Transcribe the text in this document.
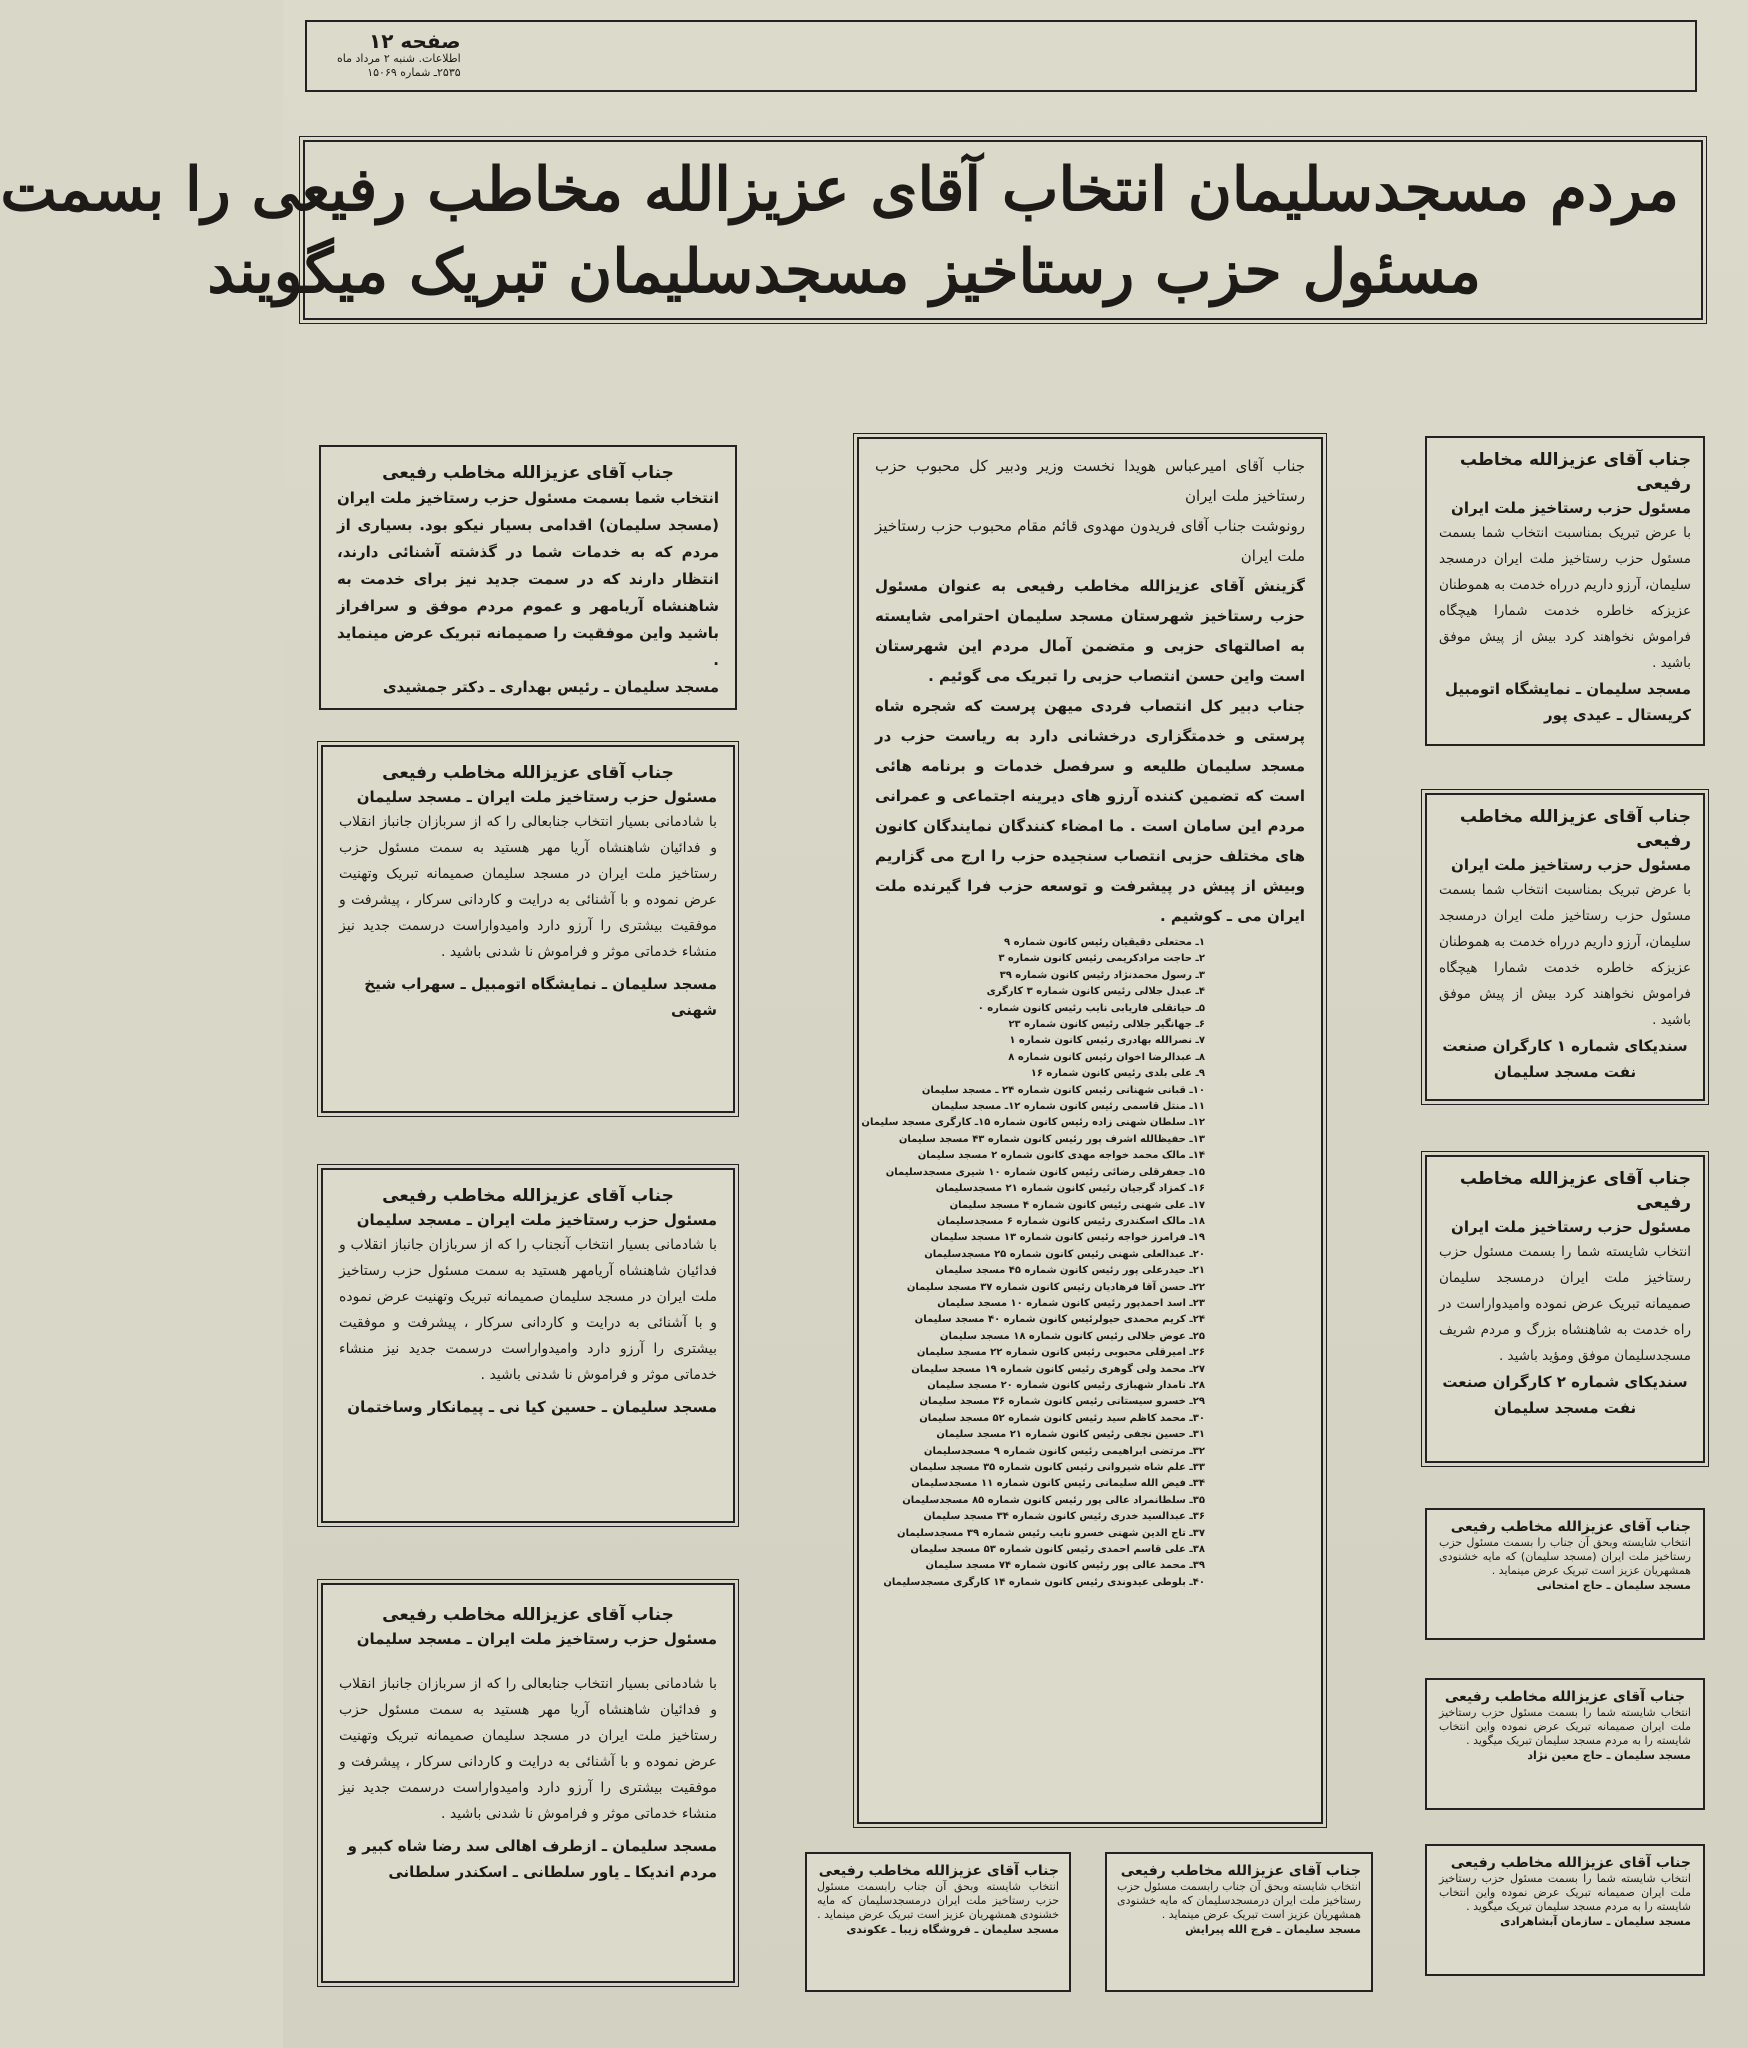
صفحه ۱۲
اطلاعات. شنبه ۲ مرداد ماه
۲۵۳۵ـ شماره ۱۵۰۶۹
مردم مسجدسلیمان انتخاب آقای عزیزالله مخاطب رفیعی را بسمت
مسئول حزب رستاخیز مسجدسلیمان تبریک میگویند
جناب آقای عزیزالله مخاطب رفیعی
انتخاب شما بسمت مسئول حزب رستاخیز ملت ایران (مسجد سلیمان) اقدامی بسیار نیکو بود. بسیاری از مردم که به خدمات شما در گذشته آشنائی دارند، انتظار دارند که در سمت جدید نیز برای خدمت به شاهنشاه آریامهر و عموم مردم موفق و سرافراز باشید واین موفقیت را صمیمانه تبریک عرض مینماید .
مسجد سلیمان ـ رئیس بهداری ـ دکتر جمشیدی
جناب آقای عزیزالله مخاطب رفیعی
مسئول حزب رستاخیز ملت ایران ـ مسجد سلیمان
با شادمانی بسیار انتخاب جنابعالی را که از سربازان جانباز انقلاب و فدائیان شاهنشاه آریا مهر هستید به سمت مسئول حزب رستاخیز ملت ایران در مسجد سلیمان صمیمانه تبریک وتهنیت عرض نموده و با آشنائی به درایت و کاردانی سرکار ، پیشرفت و موفقیت بیشتری را آرزو دارد وامیدواراست درسمت جدید نیز منشاء خدماتی موثر و فراموش نا شدنی باشید .
مسجد سلیمان ـ نمایشگاه اتومبیل ـ سهراب شیخ شهنی
جناب آقای عزیزالله مخاطب رفیعی
مسئول حزب رستاخیز ملت ایران ـ مسجد سلیمان
با شادمانی بسیار انتخاب آنجناب را که از سربازان جانباز انقلاب و فدائیان شاهنشاه آریامهر هستید به سمت مسئول حزب رستاخیز ملت ایران در مسجد سلیمان صمیمانه تبریک وتهنیت عرض نموده و با آشنائی به درایت و کاردانی سرکار ، پیشرفت و موفقیت بیشتری را آرزو دارد وامیدواراست درسمت جدید نیز منشاء خدماتی موثر و فراموش نا شدنی باشید .
مسجد سلیمان ـ حسین کیا نی ـ پیمانکار وساختمان
جناب آقای عزیزالله مخاطب رفیعی
مسئول حزب رستاخیز ملت ایران ـ مسجد سلیمان
با شادمانی بسیار انتخاب جنابعالی را که از سربازان جانباز انقلاب و فدائیان شاهنشاه آریا مهر هستید به سمت مسئول حزب رستاخیز ملت ایران در مسجد سلیمان صمیمانه تبریک وتهنیت عرض نموده و با آشنائی به درایت و کاردانی سرکار ، پیشرفت و موفقیت بیشتری را آرزو دارد وامیدواراست درسمت جدید نیز منشاء خدماتی موثر و فراموش نا شدنی باشید .
مسجد سلیمان ـ ازطرف اهالی سد رضا شاه کبیر و مردم اندیکا ـ یاور سلطانی ـ اسکندر سلطانی
جناب آقای امیرعباس هویدا نخست وزیر ودبیر کل محبوب حزب رستاخیز ملت ایران
رونوشت جناب آقای فریدون مهدوی قائم مقام محبوب حزب رستاخیز ملت ایران
گزینش آقای عزیزالله مخاطب رفیعی به عنوان مسئول حزب رستاخیز شهرستان مسجد سلیمان احترامی شایسته به اصالتهای حزبی و متضمن آمال مردم این شهرستان است واین حسن انتصاب حزبی را تبریک می گوئیم .
جناب دبیر کل انتصاب فردی میهن پرست که شجره شاه پرستی و خدمتگزاری درخشانی دارد به ریاست حزب در مسجد سلیمان طلیعه و سرفصل خدمات و برنامه هائی است که تضمین کننده آرزو های دیرینه اجتماعی و عمرانی مردم این سامان است . ما امضاء کنندگان نمایندگان کانون های مختلف حزبی انتصاب سنجیده حزب را ارج می گزاریم وبیش از پیش در پیشرفت و توسعه حزب فرا گیرنده ملت ایران می ـ کوشیم .
۱ـ محتعلی دقیقیان رئیس کانون شماره ۹
۲ـ حاجت مرادکریمی رئیس کانون شماره ۳
۳ـ رسول محمدنژاد رئیس کانون شماره ۳۹
۴ـ عبدل جلالی رئیس کانون شماره ۳ کارگری
۵ـ حیاتقلی فاریابی نایب رئیس کانون شماره ۰
۶ـ جهانگیر جلالی رئیس کانون شماره ۲۳
۷ـ نصرالله بهادری رئیس کانون شماره ۱
۸ـ عبدالرضا اخوان رئیس کانون شماره ۸
۹ـ علی بلدی رئیس کانون شماره ۱۶
۱۰ـ قبانی شهنانی رئیس کانون شماره ۲۴ ـ مسجد سلیمان
۱۱ـ منتل قاسمی رئیس کانون شماره ۱۲ـ مسجد سلیمان
۱۲ـ سلطان شهنی زاده رئیس کانون شماره ۱۵ـ کارگری مسجد سلیمان
۱۳ـ حفیظالله اشرف پور رئیس کانون شماره ۴۳ مسجد سلیمان
۱۴ـ مالک محمد خواجه مهدی کانون شماره ۲ مسجد سلیمان
۱۵ـ جعفرقلی رضائی رئیس کانون شماره ۱۰ شیری مسجدسلیمان
۱۶ـ کمزاد گرجیان رئیس کانون شماره ۲۱ مسجدسلیمان
۱۷ـ علی شهنی رئیس کانون شماره ۴ مسجد سلیمان
۱۸ـ مالک اسکندری رئیس کانون شماره ۶ مسجدسلیمان
۱۹ـ فرامرز خواجه رئیس کانون شماره ۱۳ مسجد سلیمان
۲۰ـ عبدالعلی شهنی رئیس کانون شماره ۲۵ مسجدسلیمان
۲۱ـ حیدرعلی پور رئیس کانون شماره ۴۵ مسجد سلیمان
۲۲ـ حسن آقا فرهادیان رئیس کانون شماره ۳۷ مسجد سلیمان
۲۳ـ اسد احمدپور رئیس کانون شماره ۱۰ مسجد سلیمان
۲۴ـ کریم محمدی حیولرئیس کانون شماره ۴۰ مسجد سلیمان
۲۵ـ عوض جلالی رئیس کانون شماره ۱۸ مسجد سلیمان
۲۶ـ امیرقلی محبوبی رئیس کانون شماره ۲۲ مسجد سلیمان
۲۷ـ محمد ولی گوهری رئیس کانون شماره ۱۹ مسجد سلیمان
۲۸ـ نامدار شهبازی رئیس کانون شماره ۲۰ مسجد سلیمان
۲۹ـ خسرو سیستانی رئیس کانون شماره ۳۶ مسجد سلیمان
۳۰ـ محمد کاظم سید رئیس کانون شماره ۵۲ مسجد سلیمان
۳۱ـ حسین نجفی رئیس کانون شماره ۲۱ مسجد سلیمان
۳۲ـ مرتضی ابراهیمی رئیس کانون شماره ۹ مسجدسلیمان
۳۳ـ علم شاه شیروانی رئیس کانون شماره ۳۵ مسجد سلیمان
۳۴ـ فیض الله سلیمانی رئیس کانون شماره ۱۱ مسجدسلیمان
۳۵ـ سلطانمراد عالی پور رئیس کانون شماره ۸۵ مسجدسلیمان
۳۶ـ عبدالسید خدری رئیس کانون شماره ۳۴ مسجد سلیمان
۳۷ـ تاج الدین شهنی خسرو نایب رئیس شماره ۳۹ مسجدسلیمان
۳۸ـ علی قاسم احمدی رئیس کانون شماره ۵۳ مسجد سلیمان
۳۹ـ محمد عالی پور رئیس کانون شماره ۷۴ مسجد سلیمان
۴۰ـ بلوطی عیدوندی رئیس کانون شماره ۱۴ کارگری مسجدسلیمان
جناب آقای عزیزالله مخاطب رفیعی
مسئول حزب رستاخیز ملت ایران
با عرض تبریک بمناسبت انتخاب شما بسمت مسئول حزب رستاخیز ملت ایران درمسجد سلیمان، آرزو داریم درراه خدمت به هموطنان عزیزکه خاطره خدمت شمارا هیچگاه فراموش نخواهند کرد بیش از پیش موفق باشید .
مسجد سلیمان ـ نمایشگاه اتومبیل کریستال ـ عیدی پور
جناب آقای عزیزالله مخاطب رفیعی
مسئول حزب رستاخیز ملت ایران
با عرض تبریک بمناسبت انتخاب شما بسمت مسئول حزب رستاخیز ملت ایران درمسجد سلیمان، آرزو داریم درراه خدمت به هموطنان عزیزکه خاطره خدمت شمارا هیچگاه فراموش نخواهند کرد بیش از پیش موفق باشید .
سندیکای شماره ۱ کارگران صنعت نفت مسجد سلیمان
جناب آقای عزیزالله مخاطب رفیعی
مسئول حزب رستاخیز ملت ایران
انتخاب شایسته شما را بسمت مسئول حزب رستاخیز ملت ایران درمسجد سلیمان صمیمانه تبریک عرض نموده وامیدواراست در راه خدمت به شاهنشاه بزرگ و مردم شریف مسجدسلیمان موفق ومؤید باشید .
سندیکای شماره ۲ کارگران صنعت نفت مسجد سلیمان
جناب آقای عزیزالله مخاطب رفیعی
انتخاب شایسته وبحق آن جناب را بسمت مسئول حزب رستاخیز ملت ایران (مسجد سلیمان) که مایه خشنودی همشهریان عزیز است تبریک عرض مینماید .
مسجد سلیمان ـ حاج امتحانی
جناب آقای عزیزالله مخاطب رفیعی
انتخاب شایسته شما را بسمت مسئول حزب رستاخیز ملت ایران صمیمانه تبریک عرض نموده واین انتخاب شایسته را به مردم مسجد سلیمان تبریک میگوید .
مسجد سلیمان ـ حاج معین نژاد
جناب آقای عزیزالله مخاطب رفیعی
انتخاب شایسته شما را بسمت مسئول حزب رستاخیز ملت ایران صمیمانه تبریک عرض نموده واین انتخاب شایسته را به مردم مسجد سلیمان تبریک میگوید .
مسجد سلیمان ـ سازمان آبشاهرادی
جناب آقای عزیزالله مخاطب رفیعی
انتخاب شایسته وبحق آن جناب رابسمت مسئول حزب رستاخیز ملت ایران درمسجدسلیمان که مایه خشنودی همشهریان عزیز است تبریک عرض مینماید .
مسجد سلیمان ـ فروشگاه زیبا ـ عکوندی
جناب آقای عزیزالله مخاطب رفیعی
انتخاب شایسته وبحق آن جناب رابسمت مسئول حزب رستاخیز ملت ایران درمسجدسلیمان که مایه خشنودی همشهریان عزیز است تبریک عرض مینماید .
مسجد سلیمان ـ فرج الله پیرایش
